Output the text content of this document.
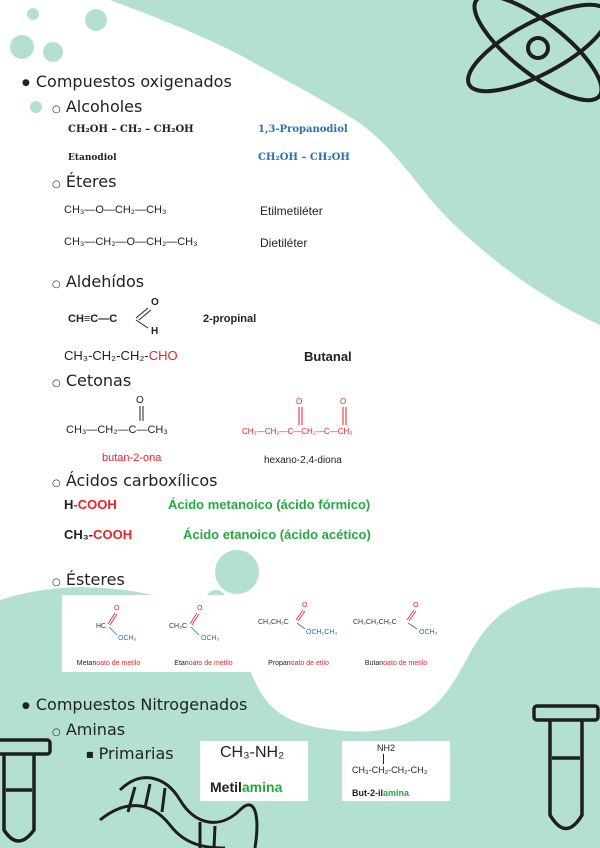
● Compuestos oxigenados
○ Alcoholes
CH₂OH – CH₂ – CH₂OH	1,3-Propanodiol
Etanodiol	CH₂OH – CH₂OH
○ Éteres
CH₃—O—CH₂—CH₃	Etilmetiléter
CH₃—CH₂—O—CH₂—CH₃	Dietiléter
○ Aldehídos
CH≡C—C
O
H
2-propinal
CH₃-CH₂-CH₂-CHO	Butanal
○ Cetonas
O
CH₃—CH₂—C—CH₃
butan-2-ona
O	O
CH₃—CH₂—C—CH₂—C—CH₃
hexano-2,4-diona
○ Ácidos carboxílicos
H-COOH	Ácido metanoico (ácido fórmico)
CH₃-COOH	Ácido etanoico (ácido acético)
○ Ésteres
HC
O
OCH₃
Metanoato de metilo
CH₃C
O
OCH₃
Etanoato de metilo
CH₃CH₂C
O
OCH₂CH₃
Propanoato de etilo
CH₃CH₂CH₂C
O
OCH₃
Butanoato de metilo
● Compuestos Nitrogenados
○ Aminas
■ Primarias	CH₃-NH₂
Metilamina
NH2
CH₃-CH₂-CH₂-CH₃
But-2-ilamina
